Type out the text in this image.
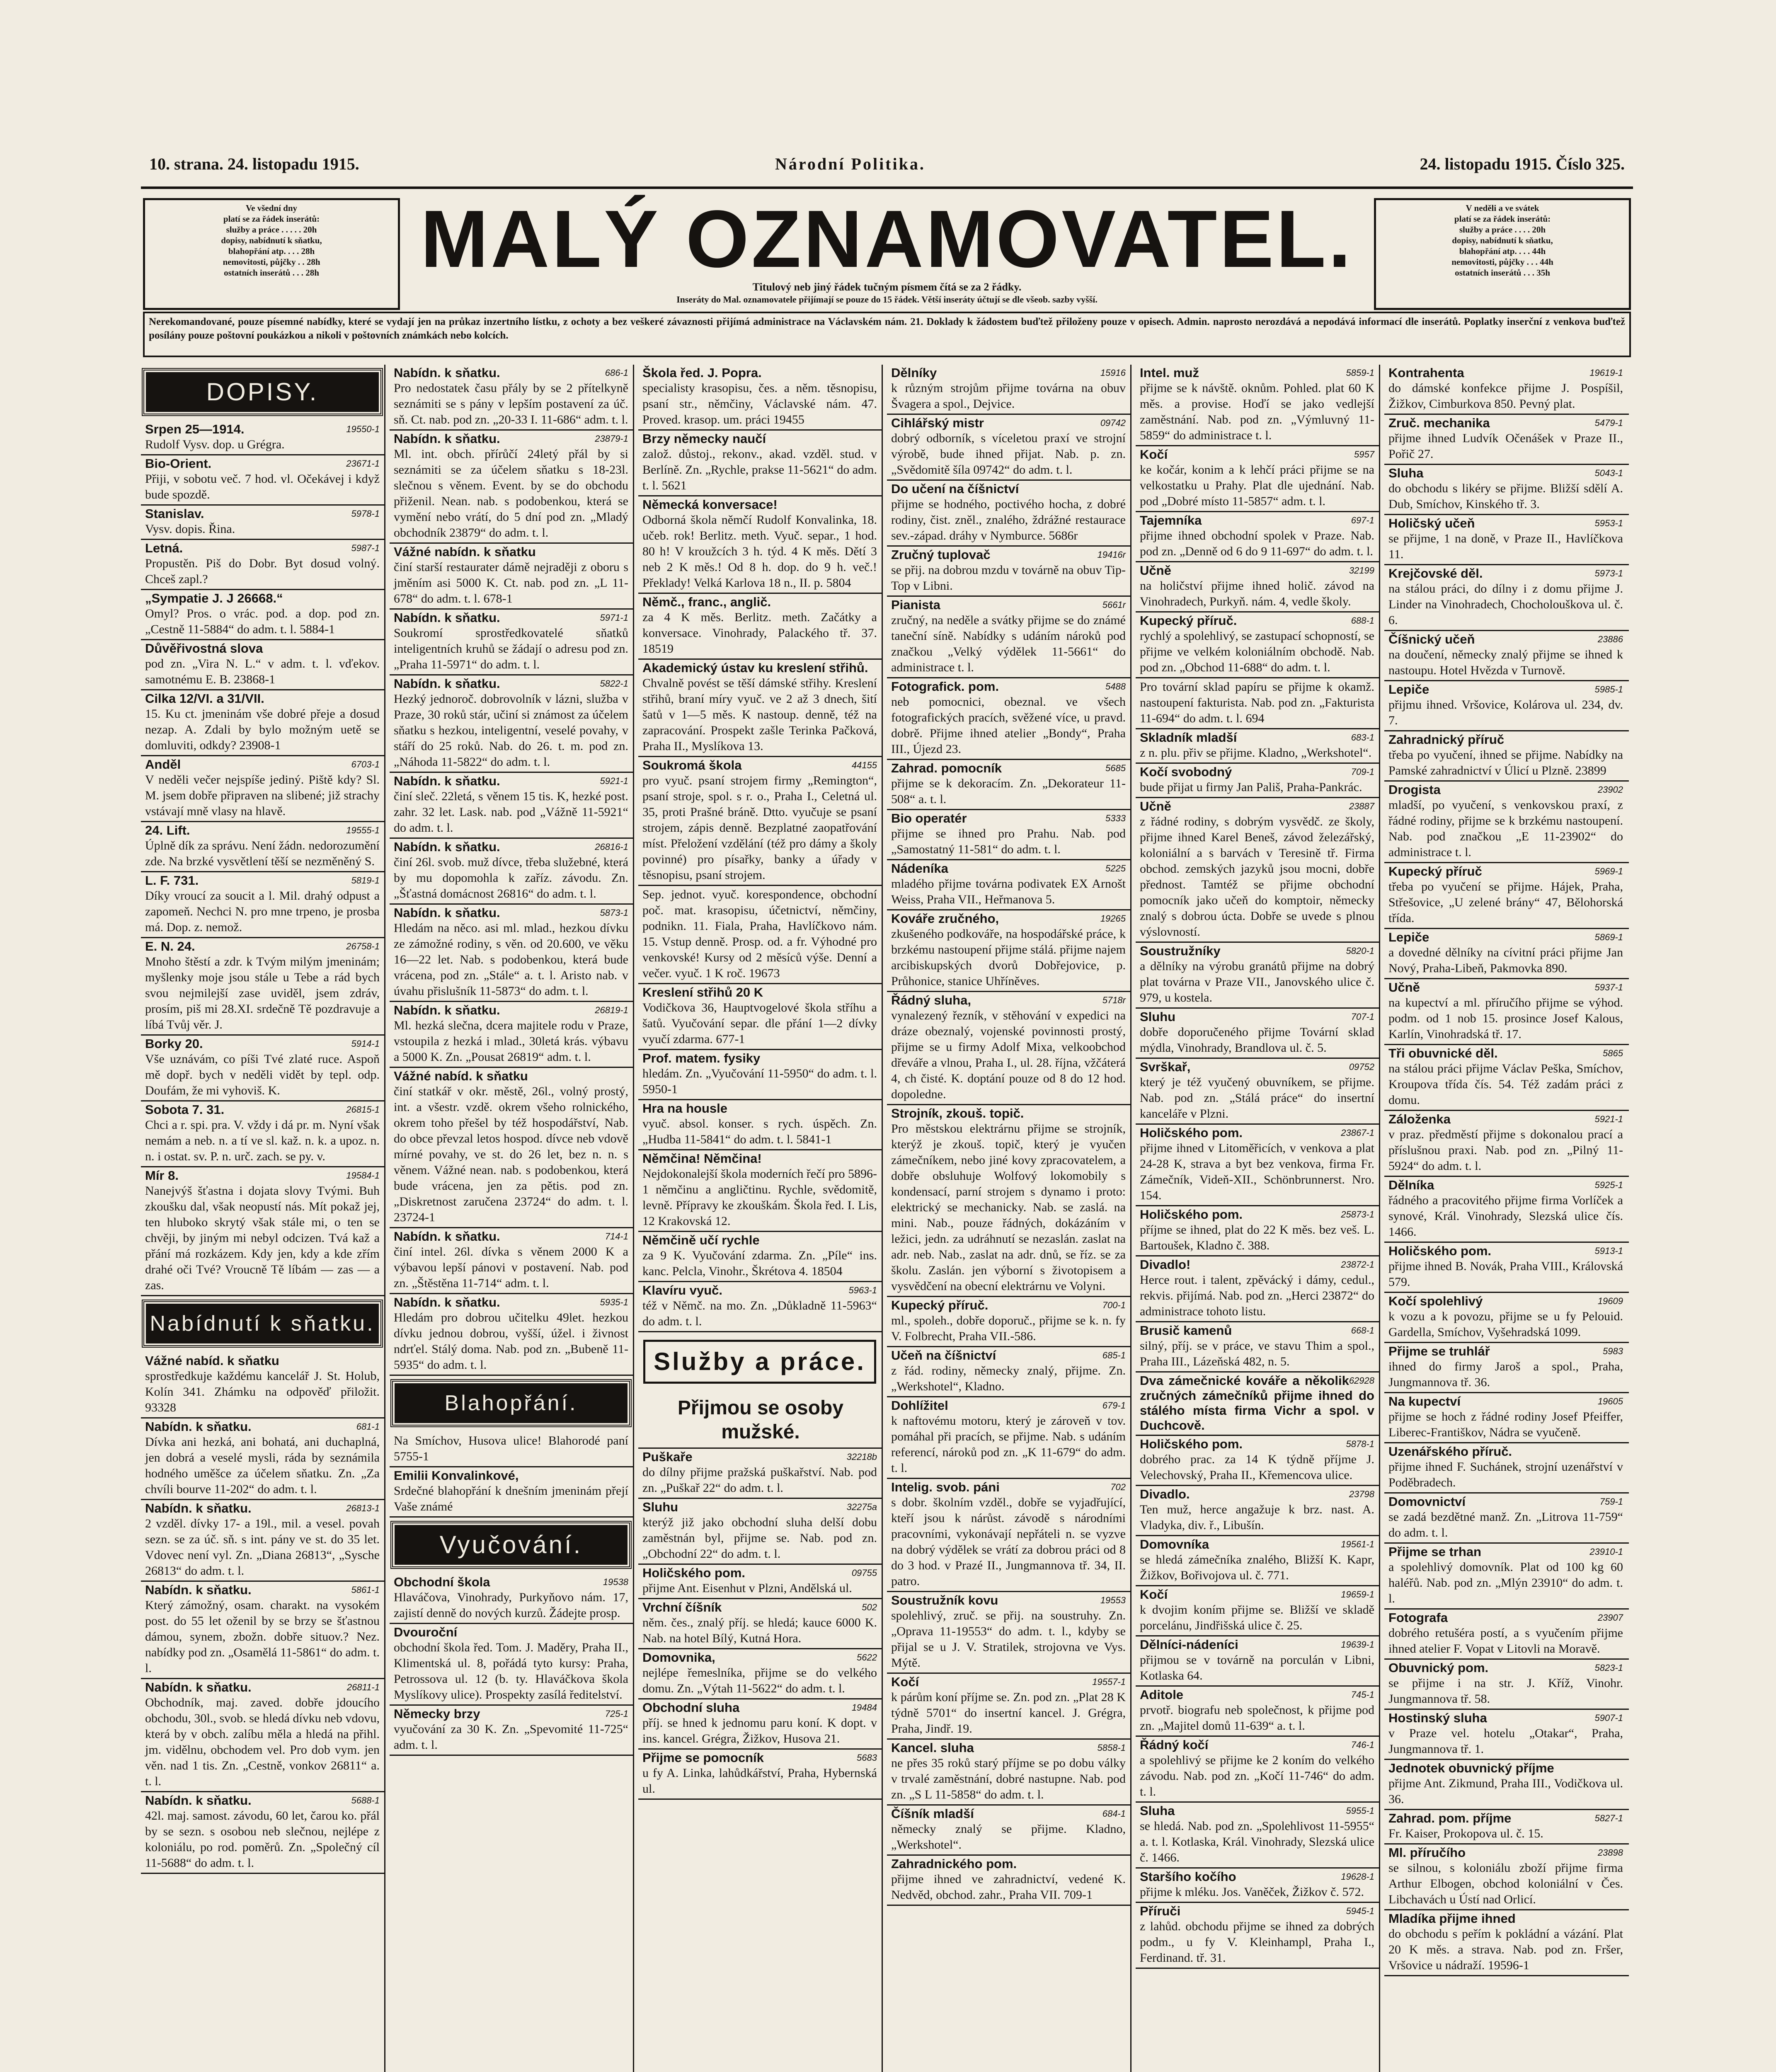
10. strana. 24. listopadu 1915.	Národní Politika.	24. listopadu 1915. Číslo 325.
Ve všední dny
platí se za řádek inserátů:
služby a práce . . . . . 20h
dopisy, nabídnutí k sňatku,
blahopřání atp. . . . 28h
nemovitosti, půjčky . . 28h
ostatních inserátů . . . 28h	MALÝ OZNAMOVATEL.
Titulový neb jiný řádek tučným písmem čítá se za 2 řádky.
Inseráty do Mal. oznamovatele přijímají se pouze do 15 řádek. Větší inseráty účtují se dle všeob. sazby vyšší.
V neděli a ve svátek
platí se za řádek inserátů:
služby a práce . . . . 20h
dopisy, nabídnutí k sňatku,
blahopřání atp. . . . 44h
nemovitosti, půjčky . . . 44h
ostatních inserátů . . . 35h
Nerekomandované, pouze písemné nabídky, které se vydají jen na průkaz inzertního lístku, z ochoty a bez veškeré závaznosti přijímá administrace na Václavském nám. 21. Doklady k žádostem buďtež přiloženy pouze v opisech. Admin. naprosto nerozdává a nepodává informací dle inserátů. Poplatky inserční z venkova buďtež posílány pouze poštovní poukázkou a nikoli v poštovních známkách nebo kolcích.
DOPISY.
19550-1
Srpen 25—1914.
Rudolf Vysv. dop. u Grégra.
23671-1
Bio-Orient.
Přiji, v sobotu več. 7 hod. vl. Očekávej i když bude spozdě.
5978-1
Stanislav.
Vysv. dopis. Řina.
5987-1
Letná.
Propustěn. Piš do Dobr. Byt dosud volný. Chceš zapl.?
„Sympatie J. J 26668.“
Omyl? Pros. o vrác. pod. a dop. pod zn. „Cestně 11-5884“ do adm. t. l. 5884-1
Důvěřivostná slova
pod zn. „Vira N. L.“ v adm. t. l. vďekov. samotnému E. B. 23868-1
Cilka 12/VI. a 31/VII.
15. Ku ct. jmeninám vše dobré přeje a dosud nezap. A. Zdali by bylo možným uetě se domluviti, odkdy? 23908-1
6703-1
Anděl
V neděli večer nejspíše jediný. Piště kdy? Sl. M. jsem dobře připraven na slibené; již strachy vstávají mně vlasy na hlavě.
19555-1
24. Lift.
Úplně dík za správu. Není žádn. nedorozumění zde. Na brzké vysvětlení těší se nezměněný S.
5819-1
L. F. 731.
Díky vroucí za soucit a l. Mil. drahý odpust a zapomeň. Nechci N. pro mne trpeno, je prosba má. Dop. z. nemož.
26758-1
E. N. 24.
Mnoho štěstí a zdr. k Tvým milým jmeninám; myšlenky moje jsou stále u Tebe a rád bych svou nejmilejší zase uviděl, jsem zdráv, prosím, piš mi 28.XI. srdečně Tě pozdravuje a líbá Tvůj věr. J.
5914-1
Borky 20.
Vše uznávám, co píši Tvé zlaté ruce. Aspoň mě dopř. bych v neděli vidět by tepl. odp. Doufám, že mi vyhoviš. K.
26815-1
Sobota 7. 31.
Chci a r. spi. pra. V. vždy i dá pr. m. Nyní však nemám a neb. n. a tí ve sl. kaž. n. k. a upoz. n. n. i ostat. sv. P. n. urč. zach. se py. v.
19584-1
Mír 8.
Nanejvýš šťastna i dojata slovy Tvými. Buh zkoušku dal, však neopustí nás. Mít pokaž jej, ten hluboko skrytý však stále mi, o ten se chvěji, by jiným mi nebyl odcizen. Tvá kaž a přání má rozkázem. Kdy jen, kdy a kde zřím drahé oči Tvé? Vroucně Tě líbám — zas — a zas.
Nabídnutí k sňatku.
Vážné nabíd. k sňatku
sprostředkuje každému kancelář J. St. Holub, Kolín 341. Zhámku na odpověď přiložit. 93328
681-1
Nabídn. k sňatku.
Dívka ani hezká, ani bohatá, ani duchaplná, jen dobrá a veselé mysli, ráda by seznámila hodného uměšce za účelem sňatku. Zn. „Za chvíli bourve 11-202“ do adm. t. l.
26813-1
Nabídn. k sňatku.
2 vzděl. dívky 17- a 19l., mil. a vesel. povah sezn. se za úč. sň. s int. pány ve st. do 35 let. Vdovec není vyl. Zn. „Diana 26813“, „Sysche 26813“ do adm. t. l.
5861-1
Nabídn. k sňatku.
Který zámožný, osam. charakt. na vysokém post. do 55 let oženil by se brzy se šťastnou dámou, synem, zbožn. dobře situov.? Nez. nabídky pod zn. „Osamělá 11-5861“ do adm. t. l.
26811-1
Nabídn. k sňatku.
Obchodník, maj. zaved. dobře jdoucího obchodu, 30l., svob. se hledá dívku neb vdovu, která by v obch. zalíbu měla a hledá na přihl. jm. vidělnu, obchodem vel. Pro dob vym. jen věn. nad 1 tis. Zn. „Cestně, vonkov 26811“ a. t. l.
5688-1
Nabídn. k sňatku.
42l. maj. samost. závodu, 60 let, čarou ko. přál by se sezn. s osobou neb slečnou, nejlépe z koloniálu, po rod. poměrů. Zn. „Společný cíl 11-5688“ do adm. t. l.
686-1
Nabídn. k sňatku.
Pro nedostatek času přály by se 2 přítelkyně seznámiti se s pány v lepším postavení za úč. sň. Ct. nab. pod zn. „20-33 I. 11-686“ adm. t. l.
23879-1
Nabídn. k sňatku.
Ml. int. obch. přírůčí 24letý přál by si seznámiti se za účelem sňatku s 18-23l. slečnou s věnem. Event. by se do obchodu přiženil. Nean. nab. s podobenkou, která se vymění nebo vrátí, do 5 dní pod zn. „Mladý obchodník 23879“ do adm. t. l.
Vážné nabídn. k sňatku
činí starší restaurater dámě nejraději z oboru s jměním asi 5000 K. Ct. nab. pod zn. „L 11-678“ do adm. t. l. 678-1
5971-1
Nabídn. k sňatku.
Soukromí sprostředkovatelé sňatků inteligentních kruhů se žádají o adresu pod zn. „Praha 11-5971“ do adm. t. l.
5822-1
Nabídn. k sňatku.
Hezký jednoroč. dobrovolník v lázni, služba v Praze, 30 roků stár, učiní si známost za účelem sňatku s hezkou, inteligentní, veselé povahy, v stáří do 25 roků. Nab. do 26. t. m. pod zn. „Náhoda 11-5822“ do adm. t. l.
5921-1
Nabídn. k sňatku.
činí sleč. 22letá, s věnem 15 tis. K, hezké post. zahr. 32 let. Lask. nab. pod „Vážně 11-5921“ do adm. t. l.
26816-1
Nabídn. k sňatku.
činí 26l. svob. muž dívce, třeba služebné, která by mu dopomohla k zaříz. závodu. Zn. „Šťastná domácnost 26816“ do adm. t. l.
5873-1
Nabídn. k sňatku.
Hledám na něco. asi ml. mlad., hezkou dívku ze zámožné rodiny, s věn. od 20.600, ve věku 16—22 let. Nab. s podobenkou, která bude vrácena, pod zn. „Stále“ a. t. l. Aristo nab. v úvahu přislušník 11-5873“ do adm. t. l.
26819-1
Nabídn. k sňatku.
Ml. hezká slečna, dcera majitele rodu v Praze, vstoupila z hezká i mlad., 30letá krás. výbavu a 5000 K. Zn. „Pousat 26819“ adm. t. l.
Vážné nabíd. k sňatku
činí statkář v okr. městě, 26l., volný prostý, int. a všestr. vzdě. okrem všeho rolnického, okrem toho přešel by též hospodářství, Nab. do obce převzal letos hospod. dívce neb vdově mírné povahy, ve st. do 26 let, bez n. n. s věnem. Vážné nean. nab. s podobenkou, která bude vrácena, jen za pětis. pod zn. „Diskretnost zaručena 23724“ do adm. t. l. 23724-1
714-1
Nabídn. k sňatku.
činí intel. 26l. dívka s věnem 2000 K a výbavou lepší pánovi v postavení. Nab. pod zn. „Štěstěna 11-714“ adm. t. l.
5935-1
Nabídn. k sňatku.
Hledám pro dobrou učitelku 49let. hezkou dívku jednou dobrou, vyšší, úžel. i živnost ndrťel. Stálý doma. Nab. pod zn. „Bubeně 11-5935“ do adm. t. l.
Blahopřání.
Na Smíchov, Husova ulice! Blahorodé paní 5755-1
Emilii Konvalinkové,
Srdečné blahopřání k dnešním jmeninám přejí Vaše známé
Vyučování.
19538
Obchodní škola
Hlaváčova, Vinohrady, Purkyňovo nám. 17, zajistí denně do nových kurzů. Žádejte prosp.
Dvouroční
obchodní škola řed. Tom. J. Maděry, Praha II., Klimentská ul. 8, pořádá tyto kursy: Praha, Petrossova ul. 12 (b. ty. Hlaváčkova škola Myslíkovy ulice). Prospekty zasílá ředitelství.
725-1
Německy brzy
vyučování za 30 K. Zn. „Spevomité 11-725“ adm. t. l.
Škola řed. J. Popra.
specialisty krasopisu, čes. a něm. těsnopisu, psaní str., němčiny, Václavské nám. 47. Proved. krasop. um. práci 19455
Brzy německy naučí
založ. důstoj., rekonv., akad. vzděl. stud. v Berlíně. Zn. „Rychle, prakse 11-5621“ do adm. t. l. 5621
Německá konversace!
Odborná škola němčí Rudolf Konvalinka, 18. učeb. rok! Berlitz. meth. Vyuč. separ., 1 hod. 80 h! V kroužcích 3 h. týd. 4 K měs. Dětí 3 neb 2 K měs.! Od 8 h. dop. do 9 h. več.! Překlady! Velká Karlova 18 n., II. p. 5804
Němč., franc., anglič.
za 4 K měs. Berlitz. meth. Začátky a konversace. Vinohrady, Palackého tř. 37. 18519
Akademický ústav ku kreslení střihů.
Chvalně povést se těší dámské střihy. Kreslení střihů, braní míry vyuč. ve 2 až 3 dnech, šití šatů v 1—5 měs. K nastoup. denně, též na zapracování. Prospekt zašle Terinka Pačková, Praha II., Myslíkova 13.
44155
Soukromá škola
pro vyuč. psaní strojem firmy „Remington“, psaní stroje, spol. s r. o., Praha I., Celetná ul. 35, proti Prašné bráně. Dtto. vyučuje se psaní strojem, zápis denně. Bezplatné zaopatřování míst. Přeložení vzdělání (též pro dámy a školy povinné) pro písařky, banky a úřady v těsnopisu, psaní strojem.
Sep. jednot. vyuč. korespondence, obchodní poč. mat. krasopisu, účetnictví, němčiny, podnikn. 11. Fiala, Praha, Havlíčkovo nám. 15. Vstup denně. Prosp. od. a fr. Výhodné pro venkovské! Kursy od 2 měsíců výše. Denní a večer. vyuč. 1 K roč. 19673
Kreslení střihů 20 K
Vodičkova 36, Hauptvogelové škola stříhu a šatů. Vyučování separ. dle přání 1—2 dívky vyučí zdarma. 677-1
Prof. matem. fysiky
hledám. Zn. „Vyučování 11-5950“ do adm. t. l. 5950-1
Hra na housle
vyuč. absol. konser. s rych. úspěch. Zn. „Hudba 11-5841“ do adm. t. l. 5841-1
Němčina! Němčina!
Nejdokonalejší škola moderních řečí pro 5896-1 němčinu a angličtinu. Rychle, svědomitě, levně. Přípravy ke zkouškám. Škola řed. I. Lis, 12 Krakovská 12.
Němčině učí rychle
za 9 K. Vyučování zdarma. Zn. „Píle“ ins. kanc. Pelcla, Vinohr., Škrétova 4. 18504
5963-1
Klavíru vyuč.
též v Němč. na mo. Zn. „Důkladně 11-5963“ do adm. t. l.
Služby a práce.
Přijmou se osoby mužské.
32218b
Puškaře
do dílny přijme pražská puškařství. Nab. pod zn. „Puškař 22“ do adm. t. l.
32275a
Sluhu
kterýž již jako obchodní sluha delší dobu zaměstnán byl, přijme se. Nab. pod zn. „Obchodní 22“ do adm. t. l.
09755
Holičského pom.
přijme Ant. Eisenhut v Plzni, Andělská ul.
502
Vrchní číšník
něm. čes., znalý příj. se hledá; kauce 6000 K. Nab. na hotel Bílý, Kutná Hora.
5622
Domovnika,
nejlépe řemeslníka, přijme se do velkého domu. Zn. „Výtah 11-5622“ do adm. t. l.
19484
Obchodní sluha
příj. se hned k jednomu paru koní. K dopt. v ins. kancel. Grégra, Žižkov, Husova 21.
5683
Přijme se pomocník
u fy A. Linka, lahůdkářství, Praha, Hybernská ul.
15916
Dělníky
k různým strojům přijme továrna na obuv Švagera a spol., Dejvice.
09742
Cihlářský mistr
dobrý odborník, s víceletou praxí ve strojní výrobě, bude ihned přijat. Nab. p. zn. „Svědomitě šíla 09742“ do adm. t. l.
Do učení na číšnictví
přijme se hodného, poctivého hocha, z dobré rodiny, čist. zněl., znalého, ždrážné restaurace sev.-západ. dráhy v Nymburce. 5686r
19416r
Zručný tuplovač
se přij. na dobrou mzdu v továrně na obuv Tip-Top v Libni.
5661r
Pianista
zručný, na neděle a svátky přijme se do známé taneční síně. Nabídky s udáním nároků pod značkou „Velký výdělek 11-5661“ do administrace t. l.
5488
Fotografick. pom.
neb pomocnici, obeznal. ve všech fotografických pracích, svěžené více, u pravd. dobrě. Přijme ihned atelier „Bondy“, Praha III., Újezd 23.
5685
Zahrad. pomocník
přijme se k dekoracím. Zn. „Dekorateur 11-508“ a. t. l.
5333
Bio operatér
přijme se ihned pro Prahu. Nab. pod „Samostatný 11-581“ do adm. t. l.
5225
Nádeníka
mladého přijme továrna podivatek EX Arnošt Weiss, Praha VII., Heřmanova 5.
19265
Kováře zručného,
zkušeného podkováře, na hospodářské práce, k brzkému nastoupení přijme stálá. přijme najem arcibiskupských dvorů Dobřejovice, p. Průhonice, stanice Uhříněves.
5718r
Řádný sluha,
vynalezený řezník, v stěhování v expedici na dráze obeznalý, vojenské povinnosti prostý, přijme se u firmy Adolf Mixa, velkoobchod dřeváře a vlnou, Praha I., ul. 28. října, vžčáterá 4, ch čisté. K. doptání pouze od 8 do 12 hod. dopoledne.
Strojník, zkouš. topič.
Pro městskou elektrárnu přijme se strojník, kterýž je zkouš. topič, který je vyučen zámečníkem, nebo jiné kovy zpracovatelem, a dobře obsluhuje Wolfový lokomobily s kondensací, parní strojem s dynamo i proto: elektrický se mechanicky. Nab. se zaslá. na mini. Nab., pouze řádných, dokázáním v ležici, jedn. za udráhnutí se nezaslán. zaslat na adr. neb. Nab., zaslat na adr. dnů, se říz. se za školu. Zaslán. jen výborní s životopisem a vysvědčení na obecní elektrárnu ve Volyni.
700-1
Kupecký příruč.
ml., spoleh., dobře doporuč., přijme se k. n. fy V. Folbrecht, Praha VII.-586.
685-1
Učeň na číšnictví
z řád. rodiny, německy znalý, přijme. Zn. „Werkshotel“, Kladno.
679-1
Dohlížitel
k naftovému motoru, který je zároveň v tov. pomáhal při pracích, se přijme. Nab. s udáním referencí, nároků pod zn. „K 11-679“ do adm. t. l.
702
Intelig. svob. páni
s dobr. školním vzděl., dobře se vyjadřující, kteří jsou k nárůst. závodě s národními pracovními, vykonávají nepřáteli n. se vyzve na dobrý výdělek se vrátí za dobrou práci od 8 do 3 hod. v Prazé II., Jungmannova tř. 34, II. patro.
19553
Soustružník kovu
spolehlivý, zruč. se přij. na soustruhy. Zn. „Oprava 11-19553“ do adm. t. l., kdyby se přijal se u J. V. Stratilek, strojovna ve Vys. Mýtě.
19557-1
Kočí
k párům koní příjme se. Zn. pod zn. „Plat 28 K týdně 5701“ do insertní kancel. J. Grégra, Praha, Jindř. 19.
5858-1
Kancel. sluha
ne přes 35 roků starý příjme se po dobu války v trvalé zaměstnání, dobré nastupne. Nab. pod zn. „S L 11-5858“ do adm. t. l.
684-1
Číšník mladší
německy znalý se přijme. Kladno, „Werkshotel“.
Zahradnického pom.
přijme ihned ve zahradnictví, vedené K. Nedvěd, obchod. zahr., Praha VII. 709-1
5859-1
Intel. muž
přijme se k návště. oknům. Pohled. plat 60 K měs. a provise. Hoďí se jako vedlejší zaměstnání. Nab. pod zn. „Výmluvný 11-5859“ do administrace t. l.
5957
Kočí
ke kočár, konim a k lehčí práci přijme se na velkostatku u Prahy. Plat dle ujednání. Nab. pod „Dobré místo 11-5857“ adm. t. l.
697-1
Tajemníka
přijme ihned obchodní spolek v Praze. Nab. pod zn. „Denně od 6 do 9 11-697“ do adm. t. l.
32199
Učně
na holičství přijme ihned holič. závod na Vinohradech, Purkyň. nám. 4, vedle školy.
688-1
Kupecký příruč.
rychlý a spolehlivý, se zastupací schopností, se přijme ve velkém koloniálním obchodě. Nab. pod zn. „Obchod 11-688“ do adm. t. l.
Pro tovární sklad papíru se přijme k okamž. nastoupení fakturista. Nab. pod zn. „Fakturista 11-694“ do adm. t. l. 694
683-1
Skladník mladší
z n. plu. přiv se přijme. Kladno, „Werkshotel“.
709-1
Kočí svobodný
bude přijat u firmy Jan Pališ, Praha-Pankrác.
23887
Učně
z řádné rodiny, s dobrým vysvědč. ze školy, přijme ihned Karel Beneš, závod železářský, koloniální a s barvách v Teresině tř. Firma obchod. zemských jazyků jsou mocni, dobře přednost. Tamtéž se přijme obchodní pomocník jako učeň do komptoir, německy znalý s dobrou úcta. Dobře se uvede s plnou výslovností.
5820-1
Soustružníky
a dělníky na výrobu granátů přijme na dobrý plat továrna v Praze VII., Janovského ulice č. 979, u kostela.
707-1
Sluhu
dobře doporučeného přijme Tovární sklad mýdla, Vinohrady, Brandlova ul. č. 5.
09752
Svrškař,
který je též vyučený obuvníkem, se přijme. Nab. pod zn. „Stálá práce“ do insertní kanceláře v Plzni.
23867-1
Holičského pom.
přijme ihned v Litoměřicích, v venkova a plat 24-28 K, strava a byt bez venkova, firma Fr. Zámečník, Videň-XII., Schönbrunnerst. Nro. 154.
25873-1
Holičského pom.
příjme se ihned, plat do 22 K měs. bez veš. L. Bartoušek, Kladno č. 388.
23872-1
Divadlo!
Herce rout. i talent, zpěvácký i dámy, cedul., rekvis. přijímá. Nab. pod zn. „Herci 23872“ do administrace tohoto listu.
668-1
Brusič kamenů
silný, příj. se v práce, ve stavu Thim a spol., Praha III., Lázeňská 482, n. 5.
62928
Dva zámečnické kováře a několik zručných zámečníků přijme ihned do stálého místa firma Vichr a spol. v Duchcově.
5878-1
Holičského pom.
dobrého prac. za 14 K týdně příjme J. Velechovský, Praha II., Křemencova ulice.
23798
Divadlo.
Ten muž, herce angažuje k brz. nast. A. Vladyka, div. ř., Libušín.
19561-1
Domovníka
se hledá zámečníka znalého, Bližší K. Kapr, Žižkov, Bořivojova ul. č. 771.
19659-1
Kočí
k dvojim koním přijme se. Bližší ve skladě porcelánu, Jindřišská ulice č. 25.
19639-1
Dělníci-nádeníci
přijmou se v továrně na porculán v Libni, Kotlaska 64.
745-1
Aditole
prvotř. biografu neb společnost, k přijme pod zn. „Majitel domů 11-639“ a. t. l.
746-1
Řádný kočí
a spolehlivý se přijme ke 2 koním do velkého závodu. Nab. pod zn. „Kočí 11-746“ do adm. t. l.
5955-1
Sluha
se hledá. Nab. pod zn. „Spolehlivost 11-5955“ a. t. l. Kotlaska, Král. Vinohrady, Slezská ulice č. 1466.
19628-1
Staršího kočího
přijme k mléku. Jos. Vaněček, Žižkov č. 572.
5945-1
Příruči
z lahůd. obchodu přijme se ihned za dobrých podm., u fy V. Kleinhampl, Praha I., Ferdinand. tř. 31.
19619-1
Kontrahenta
do dámské konfekce přijme J. Pospíšil, Žižkov, Cimburkova 850. Pevný plat.
5479-1
Zruč. mechanika
přijme ihned Ludvík Očenášek v Praze II., Pořič 27.
5043-1
Sluha
do obchodu s likéry se přijme. Bližší sdělí A. Dub, Smíchov, Kinského tř. 3.
5953-1
Holičský učeň
se přijme, 1 na doně, v Praze II., Havlíčkova 11.
5973-1
Krejčovské děl.
na stálou práci, do dílny i z domu přijme J. Linder na Vinohradech, Chocholouškova ul. č. 6.
23886
Číšnický učeň
na doučení, německy znalý přijme se ihned k nastoupu. Hotel Hvězda v Turnově.
5985-1
Lepiče
přijmu ihned. Vršovice, Kolárova ul. 234, dv. 7.
Zahradnický příruč
třeba po vyučení, ihned se přijme. Nabídky na Pamské zahradnictví v Úlicí u Plzně. 23899
23902
Drogista
mladší, po vyučení, s venkovskou praxí, z řádné rodiny, přijme se k brzkému nastoupení. Nab. pod značkou „E 11-23902“ do administrace t. l.
5969-1
Kupecký příruč
třeba po vyučení se přijme. Hájek, Praha, Střešovice, „U zelené brány“ 47, Bělohorská třída.
5869-1
Lepiče
a dovedné dělníky na cívitní práci přijme Jan Nový, Praha-Libeň, Pakmovka 890.
5937-1
Učně
na kupectví a ml. příručího přijme se výhod. podm. od 1 nob 15. prosince Josef Kalous, Karlín, Vinohradská tř. 17.
5865
Tři obuvnické děl.
na stálou práci přijme Václav Peška, Smíchov, Kroupova třída čís. 54. Též zadám práci z domu.
5921-1
Záloženka
v praz. předměstí přijme s dokonalou prací a příslušnou praxi. Nab. pod zn. „Pilný 11-5924“ do adm. t. l.
5925-1
Dělníka
řádného a pracovitého přijme firma Vorlíček a synové, Král. Vinohrady, Slezská ulice čís. 1466.
5913-1
Holičského pom.
přijme ihned B. Novák, Praha VIII., Královská 579.
19609
Kočí spolehlivý
k vozu a k povozu, přijme se u fy Pelouid. Gardella, Smíchov, Vyšehradská 1099.
5983
Přijme se truhlář
ihned do firmy Jaroš a spol., Praha, Jungmannova tř. 36.
19605
Na kupectví
přijme se hoch z řádné rodiny Josef Pfeiffer, Liberec-Františkov, Nádra se vyučeně.
Uzenářského příruč.
přijme ihned F. Suchánek, strojní uzenářství v Poděbradech.
759-1
Domovnictví
se zadá bezdětné manž. Zn. „Litrova 11-759“ do adm. t. l.
23910-1
Přijme se trhan
a spolehlivý domovník. Plat od 100 kg 60 haléřů. Nab. pod zn. „Mlýn 23910“ do adm. t. l.
23907
Fotografa
dobrého retušéra postí, a s vyučením přijme ihned atelier F. Vopat v Litovli na Moravě.
5823-1
Obuvnický pom.
se přijme i na str. J. Kříž, Vinohr. Jungmannova tř. 58.
5907-1
Hostinský sluha
v Praze vel. hotelu „Otakar“, Praha, Jungmannova tř. 1.
Jednotek obuvnický příjme
přijme Ant. Zikmund, Praha III., Vodičkova ul. 36.
5827-1
Zahrad. pom. příjme
Fr. Kaiser, Prokopova ul. č. 15.
23898
Ml. příručího
se silnou, s koloniálu zboží přijme firma Arthur Elbogen, obchod koloniální v Čes. Libchavách u Ústí nad Orlicí.
Mladíka přijme ihned
do obchodu s peřím k pokládní a vázání. Plat 20 K měs. a strava. Nab. pod zn. Fršer, Vršovice u nádraží. 19596-1
